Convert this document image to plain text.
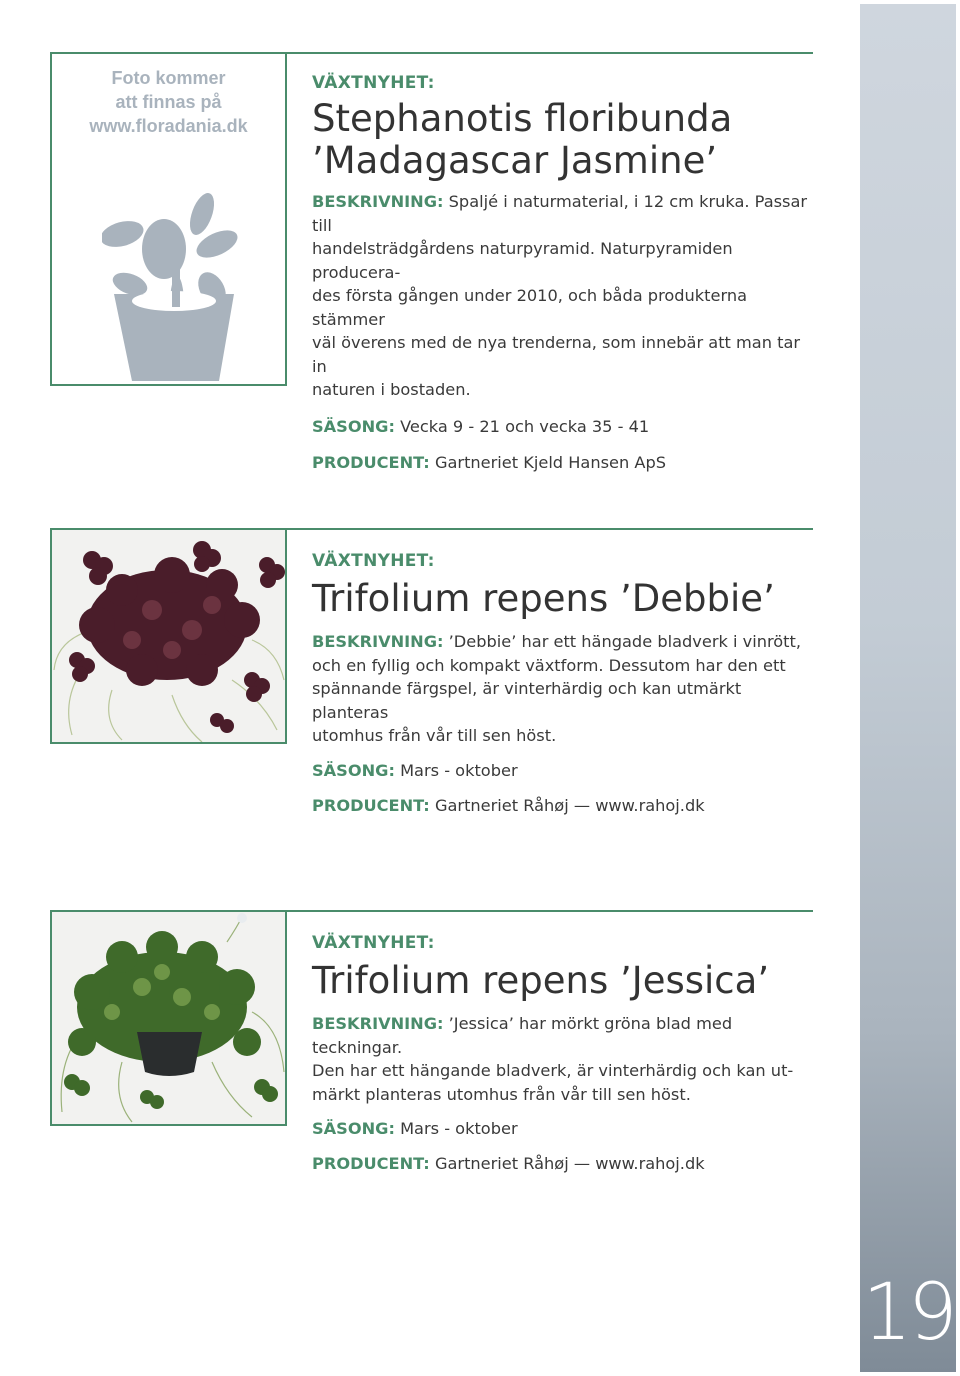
19
Foto kommer
att finnas på
www.floradania.dk
VÄXTNYHET:
Stephanotis floribunda
’Madagascar Jasmine’
BESKRIVNING: Spaljé i naturmaterial, i 12 cm kruka. Passar till
handelsträdgårdens naturpyramid. Naturpyramiden producera-
des första gången under 2010, och båda produkterna stämmer
väl överens med de nya trenderna, som innebär att man tar in
naturen i bostaden.
SÄSONG: Vecka 9 - 21 och vecka 35 - 41
PRODUCENT: Gartneriet Kjeld Hansen ApS
VÄXTNYHET:
Trifolium repens ’Debbie’
BESKRIVNING: ’Debbie’ har ett hängade bladverk i vinrött,
och en fyllig och kompakt växtform. Dessutom har den ett
spännande färgspel, är vinterhärdig och kan utmärkt planteras
utomhus från vår till sen höst.
SÄSONG: Mars - oktober
PRODUCENT: Gartneriet Råhøj — www.rahoj.dk
VÄXTNYHET:
Trifolium repens ’Jessica’
BESKRIVNING: ’Jessica’ har mörkt gröna blad med teckningar.
Den har ett hängande bladverk, är vinterhärdig och kan ut-
märkt planteras utomhus från vår till sen höst.
SÄSONG: Mars - oktober
PRODUCENT: Gartneriet Råhøj — www.rahoj.dk
